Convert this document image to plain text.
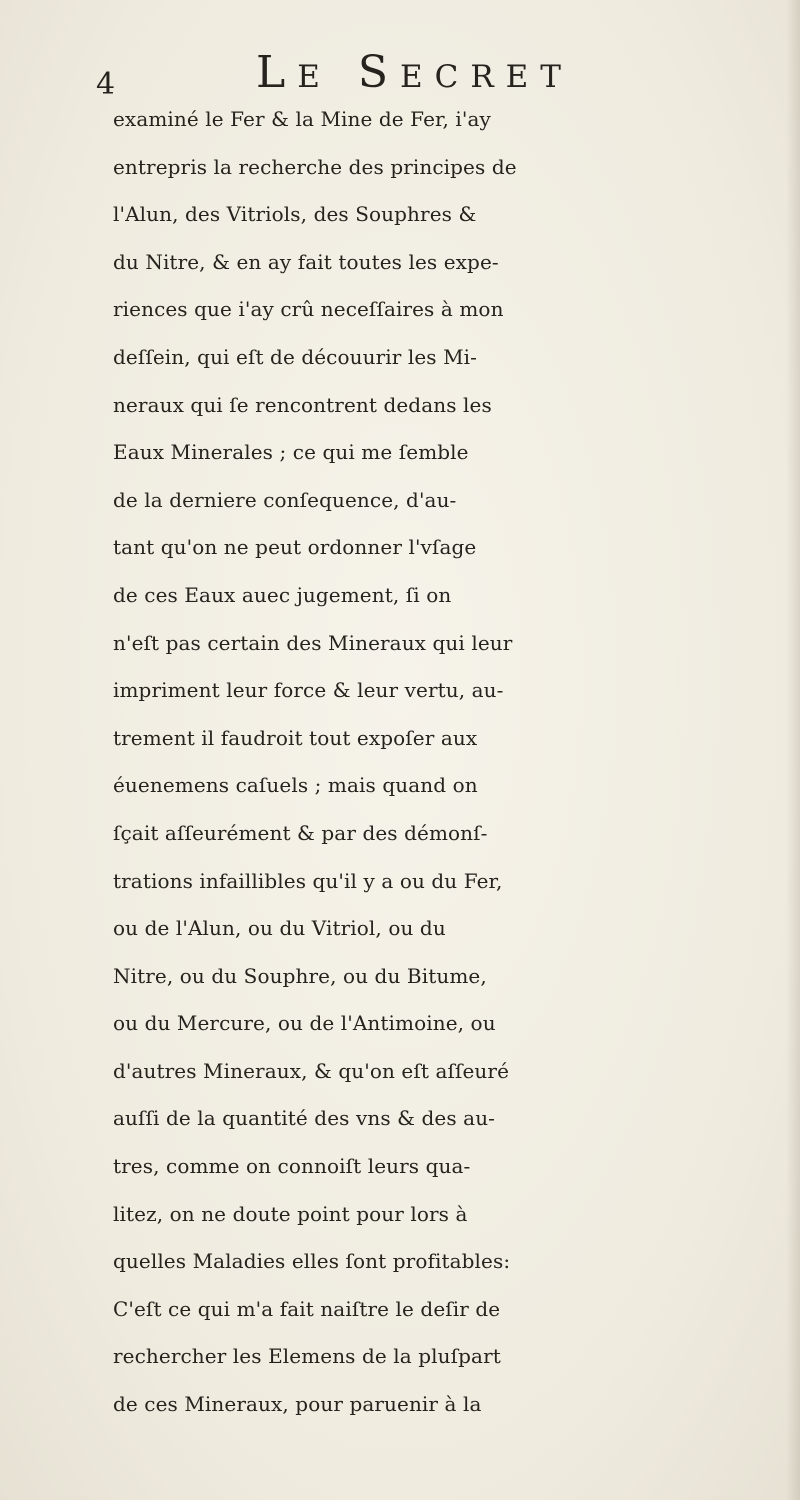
4	Le Secret
examiné le Fer & la Mine de Fer, i'ay
entrepris la recherche des principes de
l'Alun, des Vitriols, des Souphres &
du Nitre, & en ay fait toutes les expe-
riences que i'ay crû neceſſaires à mon
deſſein, qui eſt de découurir les Mi-
neraux qui ſe rencontrent dedans les
Eaux Minerales ; ce qui me ſemble
de la derniere conſequence, d'au-
tant qu'on ne peut ordonner l'vſage
de ces Eaux auec jugement, ſi on
n'eſt pas certain des Mineraux qui leur
impriment leur force & leur vertu, au-
trement il faudroit tout expoſer aux
éuenemens caſuels ; mais quand on
ſçait aſſeurément & par des démonſ-
trations infaillibles qu'il y a ou du Fer,
ou de l'Alun, ou du Vitriol, ou du
Nitre, ou du Souphre, ou du Bitume,
ou du Mercure, ou de l'Antimoine, ou
d'autres Mineraux, & qu'on eſt aſſeuré
auſſi de la quantité des vns & des au-
tres, comme on connoiſt leurs qua-
litez, on ne doute point pour lors à
quelles Maladies elles ſont profitables:
C'eſt ce qui m'a fait naiſtre le deſir de
rechercher les Elemens de la pluſpart
de ces Mineraux, pour paruenir à la
